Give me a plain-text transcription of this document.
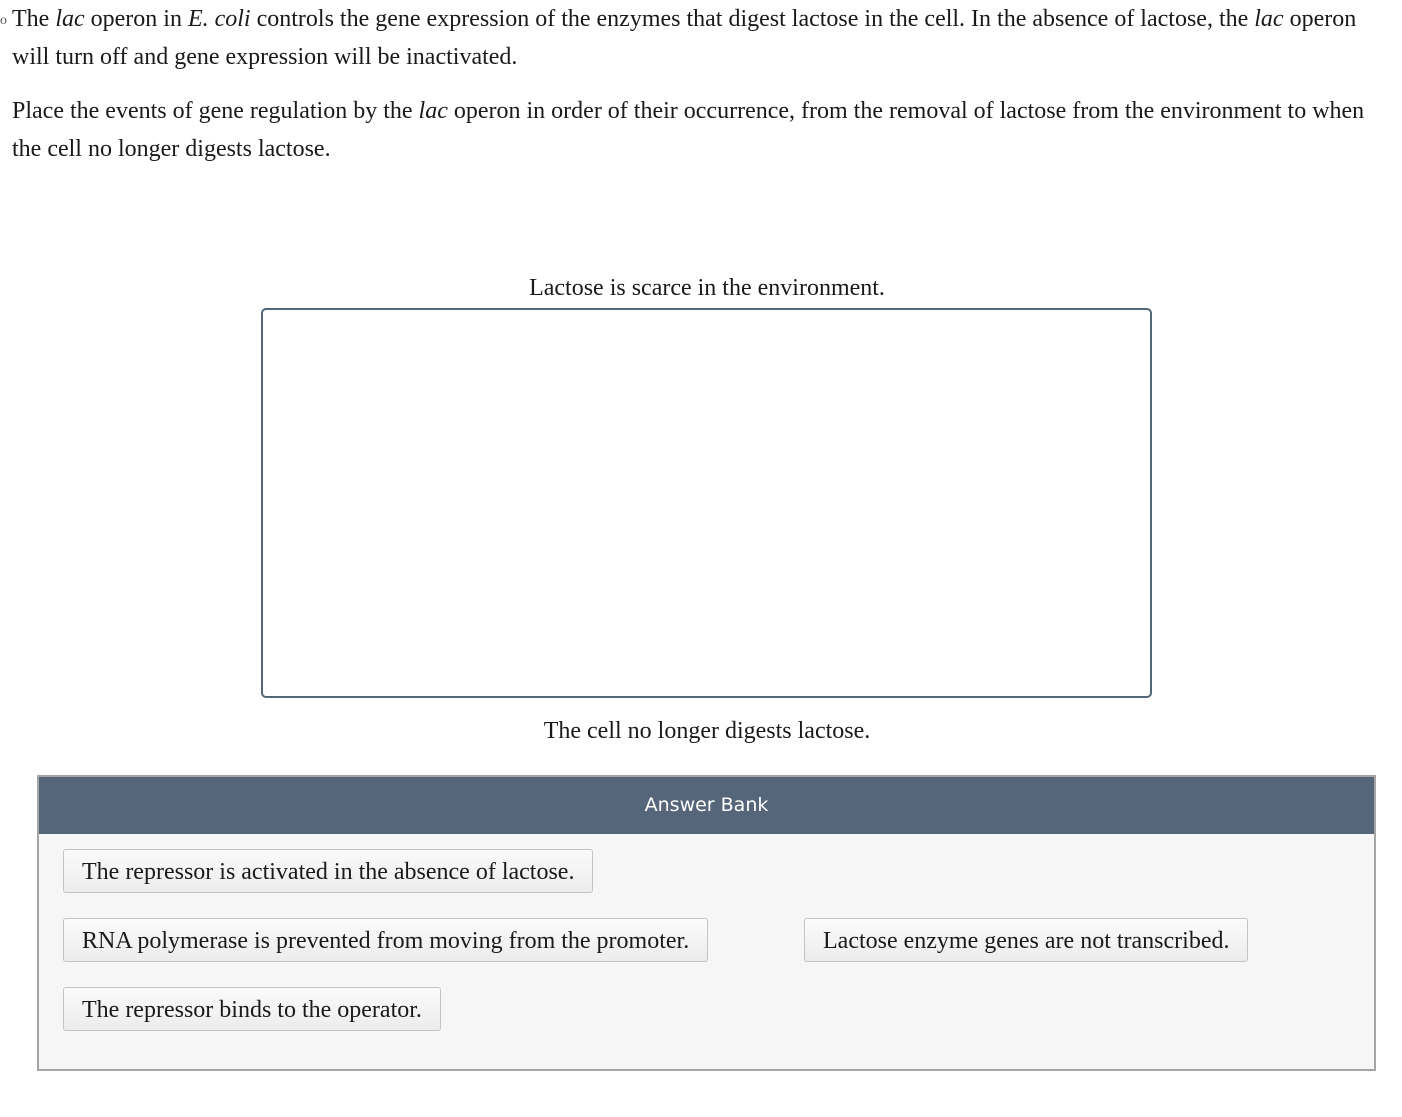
o The lac operon in E. coli controls the gene expression of the enzymes that digest lactose in the cell. In the absence of lactose, the lac operon will turn off and gene expression will be inactivated.

Place the events of gene regulation by the lac operon in order of their occurrence, from the removal of lactose from the environment to when the cell no longer digests lactose.

Lactose is scarce in the environment.
The cell no longer digests lactose.
Answer Bank
The repressor is activated in the absence of lactose.
RNA polymerase is prevented from moving from the promoter.	Lactose enzyme genes are not transcribed.
The repressor binds to the operator.
